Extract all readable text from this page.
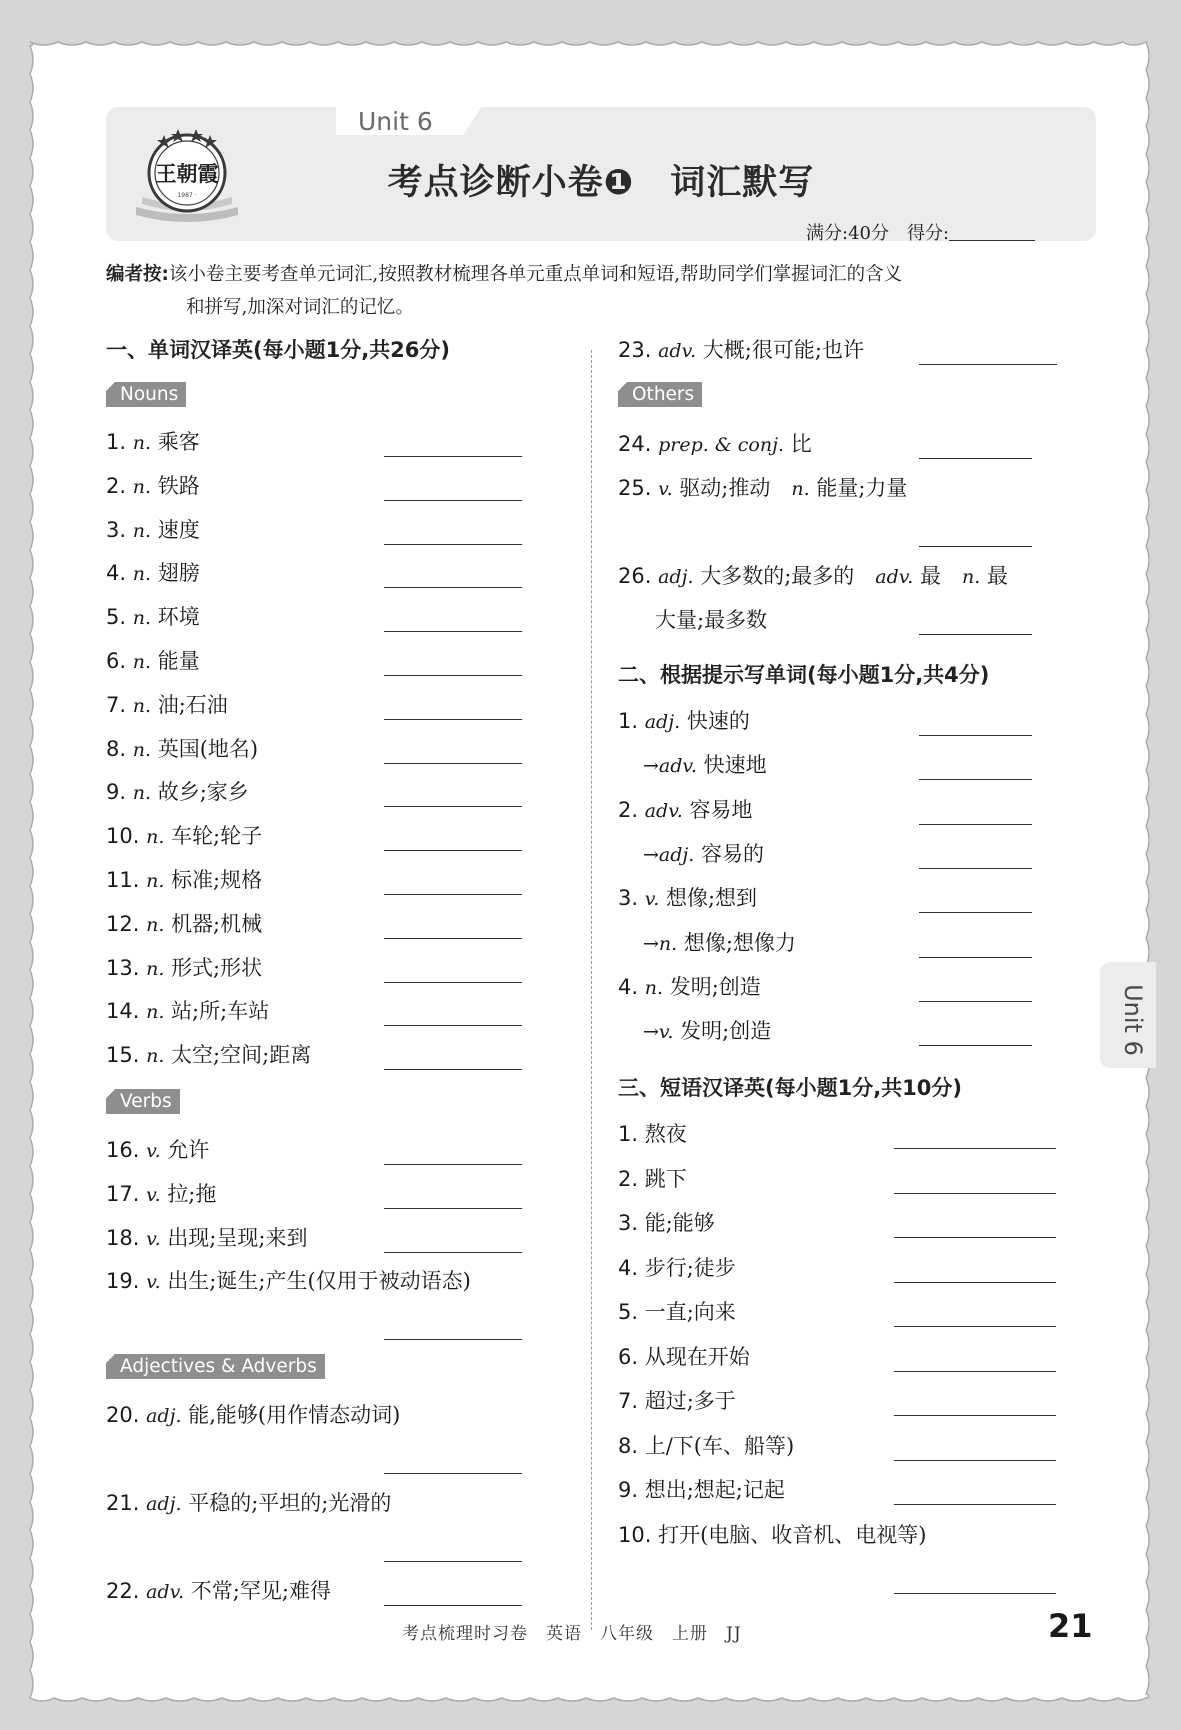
Unit 6
王朝霞
1987 ·	考点诊断小卷❶　词汇默写
满分:40分　得分:
编者按:该小卷主要考查单元词汇,按照教材梳理各单元重点单词和短语,帮助同学们掌握词汇的含义
和拼写,加深对词汇的记忆。
一、单词汉译英(每小题1分,共26分)
Nouns
1. n. 乘客
2. n. 铁路
3. n. 速度
4. n. 翅膀
5. n. 环境
6. n. 能量
7. n. 油;石油
8. n. 英国(地名)
9. n. 故乡;家乡
10. n. 车轮;轮子
11. n. 标准;规格
12. n. 机器;机械
13. n. 形式;形状
14. n. 站;所;车站
15. n. 太空;空间;距离
Verbs
16. v. 允许
17. v. 拉;拖
18. v. 出现;呈现;来到
19. v. 出生;诞生;产生(仅用于被动语态)
Adjectives & Adverbs
20. adj. 能,能够(用作情态动词)
21. adj. 平稳的;平坦的;光滑的
22. adv. 不常;罕见;难得
23. adv. 大概;很可能;也许
Others
24. prep. & conj. 比
25. v. 驱动;推动　 n. 能量;力量
26. adj. 大多数的;最多的　 adv. 最　 n. 最
大量;最多数
二、根据提示写单词(每小题1分,共4分)
1. adj. 快速的
→adv. 快速地
2. adv. 容易地
→adj. 容易的
3. v. 想像;想到
→n. 想像;想像力
4. n. 发明;创造
→v. 发明;创造
三、短语汉译英(每小题1分,共10分)
1. 熬夜
2. 跳下
3. 能;能够
4. 步行;徒步
5. 一直;向来
6. 从现在开始
7. 超过;多于
8. 上/下(车、船等)
9. 想出;想起;记起
10. 打开(电脑、收音机、电视等)
Unit 6
考点梳理时习卷　英语　八年级　上册　JJ	21
